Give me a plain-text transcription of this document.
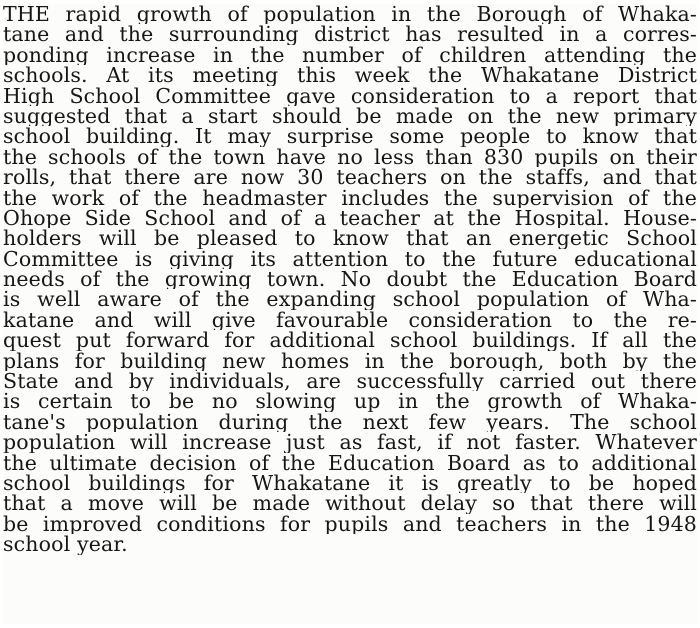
THE rapid growth of population in the Borough of Whaka-
tane and the surrounding district has resulted in a corres-
ponding increase in the number of children attending the
schools. At its meeting this week the Whakatane District
High School Committee gave consideration to a report that
suggested that a start should be made on the new primary
school building. It may surprise some people to know that
the schools of the town have no less than 830 pupils on their
rolls, that there are now 30 teachers on the staffs, and that
the work of the headmaster includes the supervision of the
Ohope Side School and of a teacher at the Hospital. House-
holders will be pleased to know that an energetic School
Committee is giving its attention to the future educational
needs of the growing town. No doubt the Education Board
is well aware of the expanding school population of Wha-
katane and will give favourable consideration to the re-
quest put forward for additional school buildings. If all the
plans for building new homes in the borough, both by the
State and by individuals, are successfully carried out there
is certain to be no slowing up in the growth of Whaka-
tane's population during the next few years. The school
population will increase just as fast, if not faster. Whatever
the ultimate decision of the Education Board as to additional
school buildings for Whakatane it is greatly to be hoped
that a move will be made without delay so that there will
be improved conditions for pupils and teachers in the 1948
school year.
